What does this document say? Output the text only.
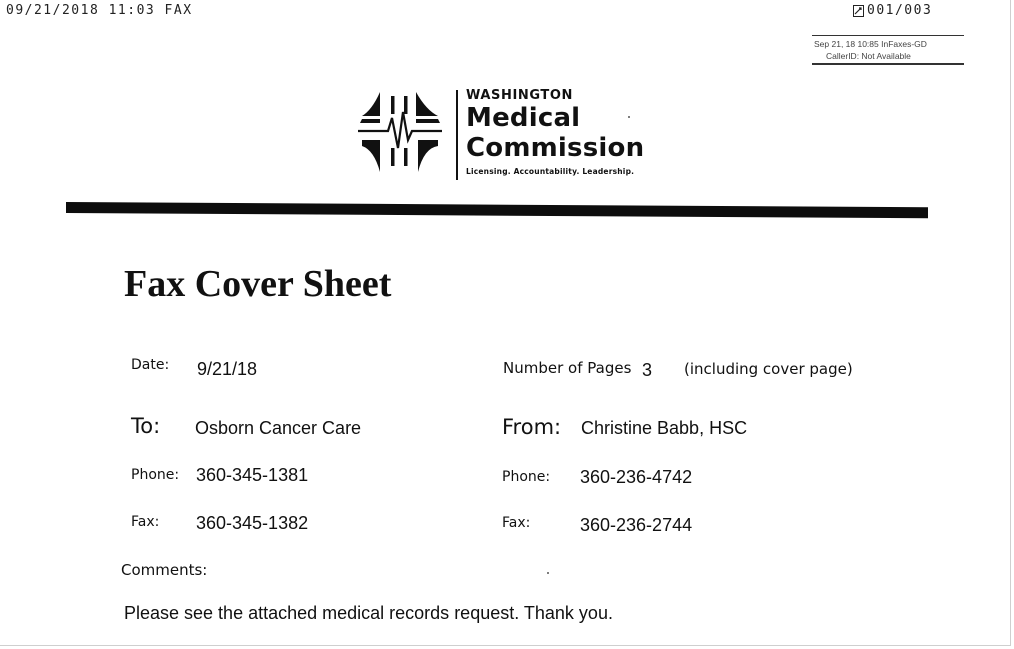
09/21/2018 11:03 FAX	001/003
Sep 21, 18 10:85 InFaxes-GD
CallerID: Not Available
WASHINGTON
Medical
Commission
Licensing. Accountability. Leadership.
Fax Cover Sheet
Date: 9/21/18	Number of Pages 3 (including cover page)
To: Osborn Cancer Care	From: Christine Babb, HSC
Phone: 360-345-1381	Phone: 360-236-4742
Fax: 360-345-1382	Fax:	360-236-2744
Comments:
Please see the attached medical records request. Thank you.
